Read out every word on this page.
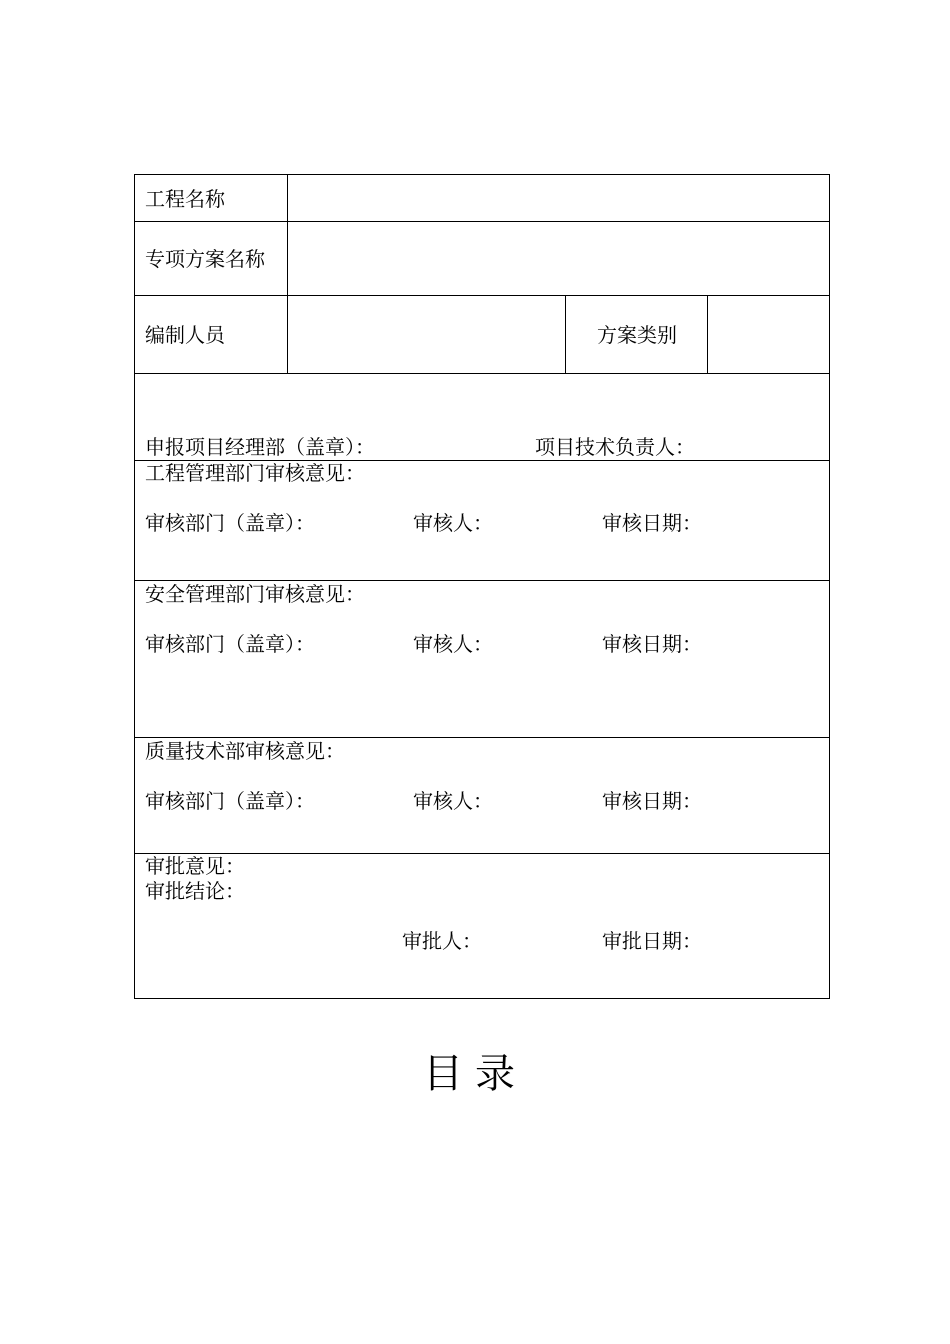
工程名称
专项方案名称
编制人员	方案类别
申报项目经理部（盖章）：	项目技术负责人：
工程管理部门审核意见：
审核部门（盖章）：	审核人：	审核日期：
安全管理部门审核意见：
审核部门（盖章）：	审核人：	审核日期：
质量技术部审核意见：
审核部门（盖章）：	审核人：	审核日期：
审批意见：
审批结论：
审批人：	审批日期：
目录
